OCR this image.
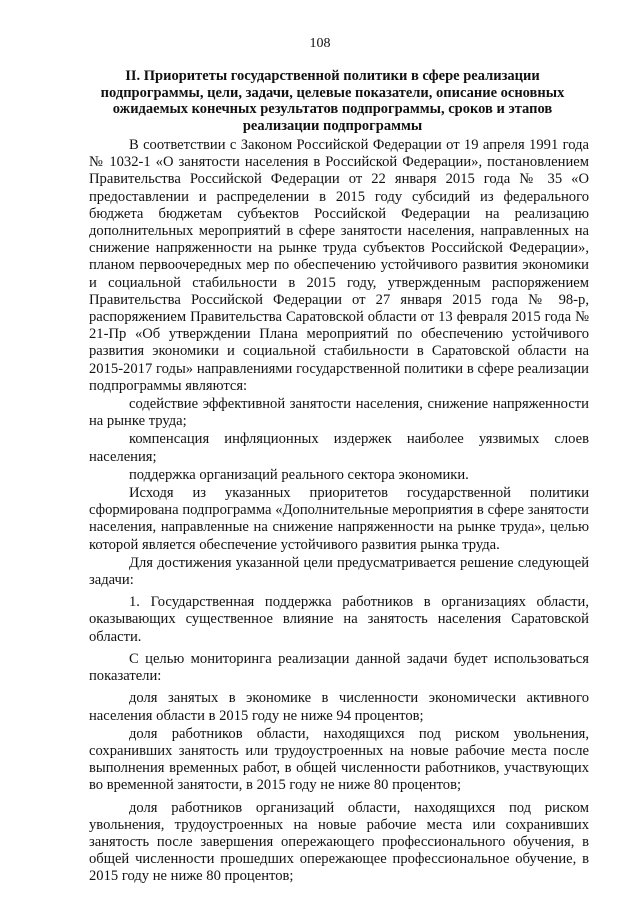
108
II. Приоритеты государственной политики в сфере реализации подпрограммы, цели, задачи, целевые показатели, описание основных ожидаемых конечных результатов подпрограммы, сроков и этапов реализации подпрограммы

В соответствии с Законом Российской Федерации от 19 апреля 1991 года № 1032-1 «О занятости населения в Российской Федерации», постановлением Правительства Российской Федерации от 22 января 2015 года № 35 «О предоставлении и распределении в 2015 году субсидий из федерального бюджета бюджетам субъектов Российской Федерации на реализацию дополнительных мероприятий в сфере занятости населения, направленных на снижение напряженности на рынке труда субъектов Российской Федерации», планом первоочередных мер по обеспечению устойчивого развития экономики и социальной стабильности в 2015 году, утвержденным распоряжением Правительства Российской Федерации от 27 января 2015 года № 98-р, распоряжением Правительства Саратовской области от 13 февраля 2015 года № 21-Пр «Об утверждении Плана мероприятий по обеспечению устойчивого развития экономики и социальной стабильности в Саратовской области на 2015-2017 годы» направлениями государственной политики в сфере реализации подпрограммы являются:

содействие эффективной занятости населения, снижение напряженности на рынке труда;

компенсация инфляционных издержек наиболее уязвимых слоев населения;

поддержка организаций реального сектора экономики.

Исходя из указанных приоритетов государственной политики сформирована подпрограмма «Дополнительные мероприятия в сфере занятости населения, направленные на снижение напряженности на рынке труда», целью которой является обеспечение устойчивого развития рынка труда.

Для достижения указанной цели предусматривается решение следующей задачи:

1. Государственная поддержка работников в организациях области, оказывающих существенное влияние на занятость населения Саратовской области.

С целью мониторинга реализации данной задачи будет использоваться показатели:

доля занятых в экономике в численности экономически активного населения области в 2015 году не ниже 94 процентов;

доля работников области, находящихся под риском увольнения, сохранивших занятость или трудоустроенных на новые рабочие места после выполнения временных работ, в общей численности работников, участвующих во временной занятости, в 2015 году не ниже 80 процентов;

доля работников организаций области, находящихся под риском увольнения, трудоустроенных на новые рабочие места или сохранивших занятость после завершения опережающего профессионального обучения, в общей численности прошедших опережающее профессиональное обучение, в 2015 году не ниже 80 процентов;
